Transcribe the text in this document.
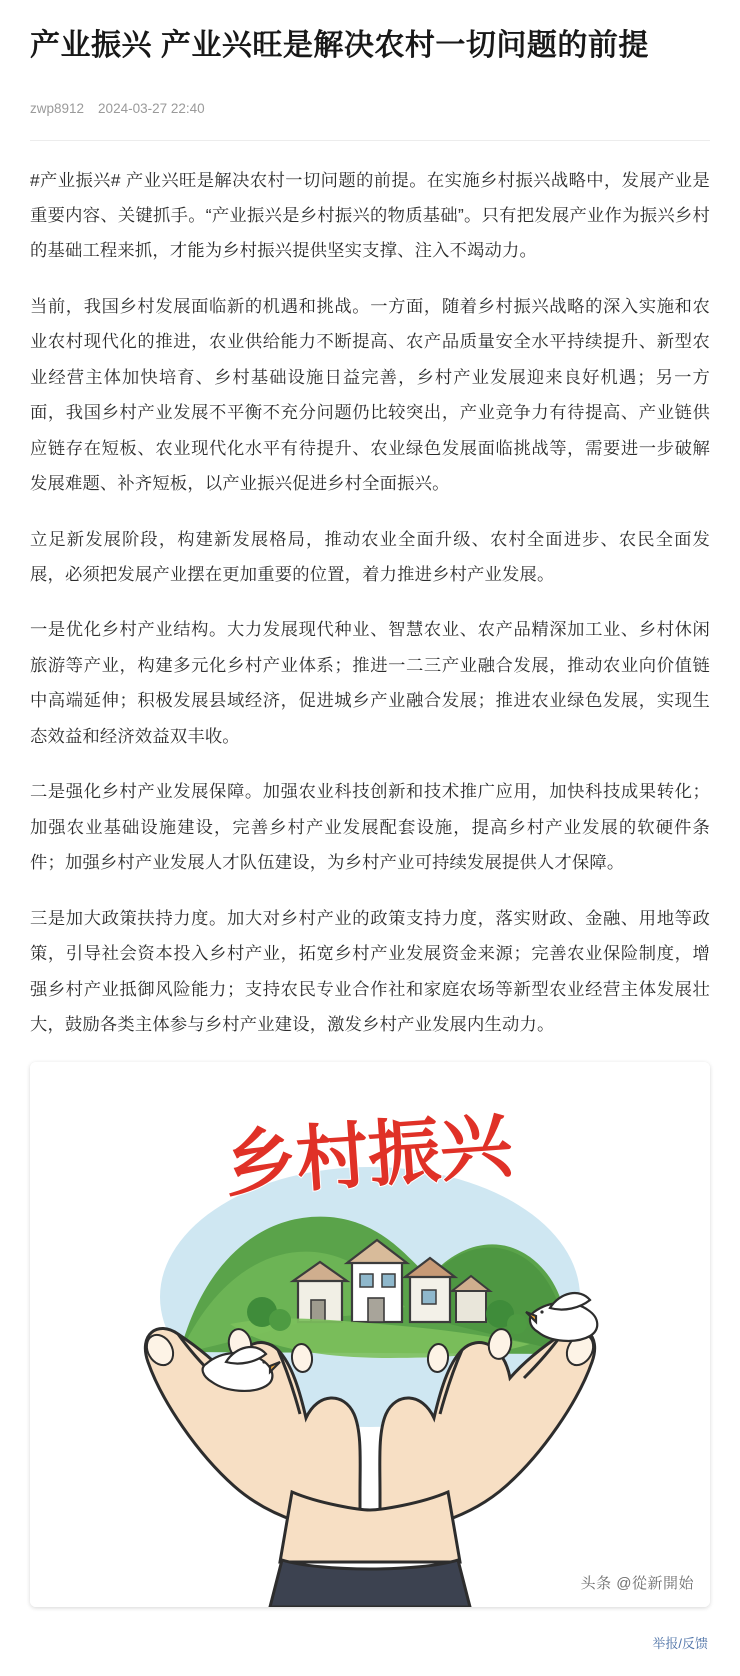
产业振兴 产业兴旺是解决农村一切问题的前提
zwp8912 2024-03-27 22:40

#产业振兴# 产业兴旺是解决农村一切问题的前提。在实施乡村振兴战略中，发展产业是重要内容、关键抓手。“产业振兴是乡村振兴的物质基础”。只有把发展产业作为振兴乡村的基础工程来抓，才能为乡村振兴提供坚实支撑、注入不竭动力。

当前，我国乡村发展面临新的机遇和挑战。一方面，随着乡村振兴战略的深入实施和农业农村现代化的推进，农业供给能力不断提高、农产品质量安全水平持续提升、新型农业经营主体加快培育、乡村基础设施日益完善，乡村产业发展迎来良好机遇；另一方面，我国乡村产业发展不平衡不充分问题仍比较突出，产业竞争力有待提高、产业链供应链存在短板、农业现代化水平有待提升、农业绿色发展面临挑战等，需要进一步破解发展难题、补齐短板，以产业振兴促进乡村全面振兴。

立足新发展阶段，构建新发展格局，推动农业全面升级、农村全面进步、农民全面发展，必须把发展产业摆在更加重要的位置，着力推进乡村产业发展。

一是优化乡村产业结构。大力发展现代种业、智慧农业、农产品精深加工业、乡村休闲旅游等产业，构建多元化乡村产业体系；推进一二三产业融合发展，推动农业向价值链中高端延伸；积极发展县域经济，促进城乡产业融合发展；推进农业绿色发展，实现生态效益和经济效益双丰收。

二是强化乡村产业发展保障。加强农业科技创新和技术推广应用，加快科技成果转化；加强农业基础设施建设，完善乡村产业发展配套设施，提高乡村产业发展的软硬件条件；加强乡村产业发展人才队伍建设，为乡村产业可持续发展提供人才保障。

三是加大政策扶持力度。加大对乡村产业的政策支持力度，落实财政、金融、用地等政策，引导社会资本投入乡村产业，拓宽乡村产业发展资金来源；完善农业保险制度，增强乡村产业抵御风险能力；支持农民专业合作社和家庭农场等新型农业经营主体发展壮大，鼓励各类主体参与乡村产业建设，激发乡村产业发展内生动力。

乡村振兴
头条 @從新開始
举报/反馈
